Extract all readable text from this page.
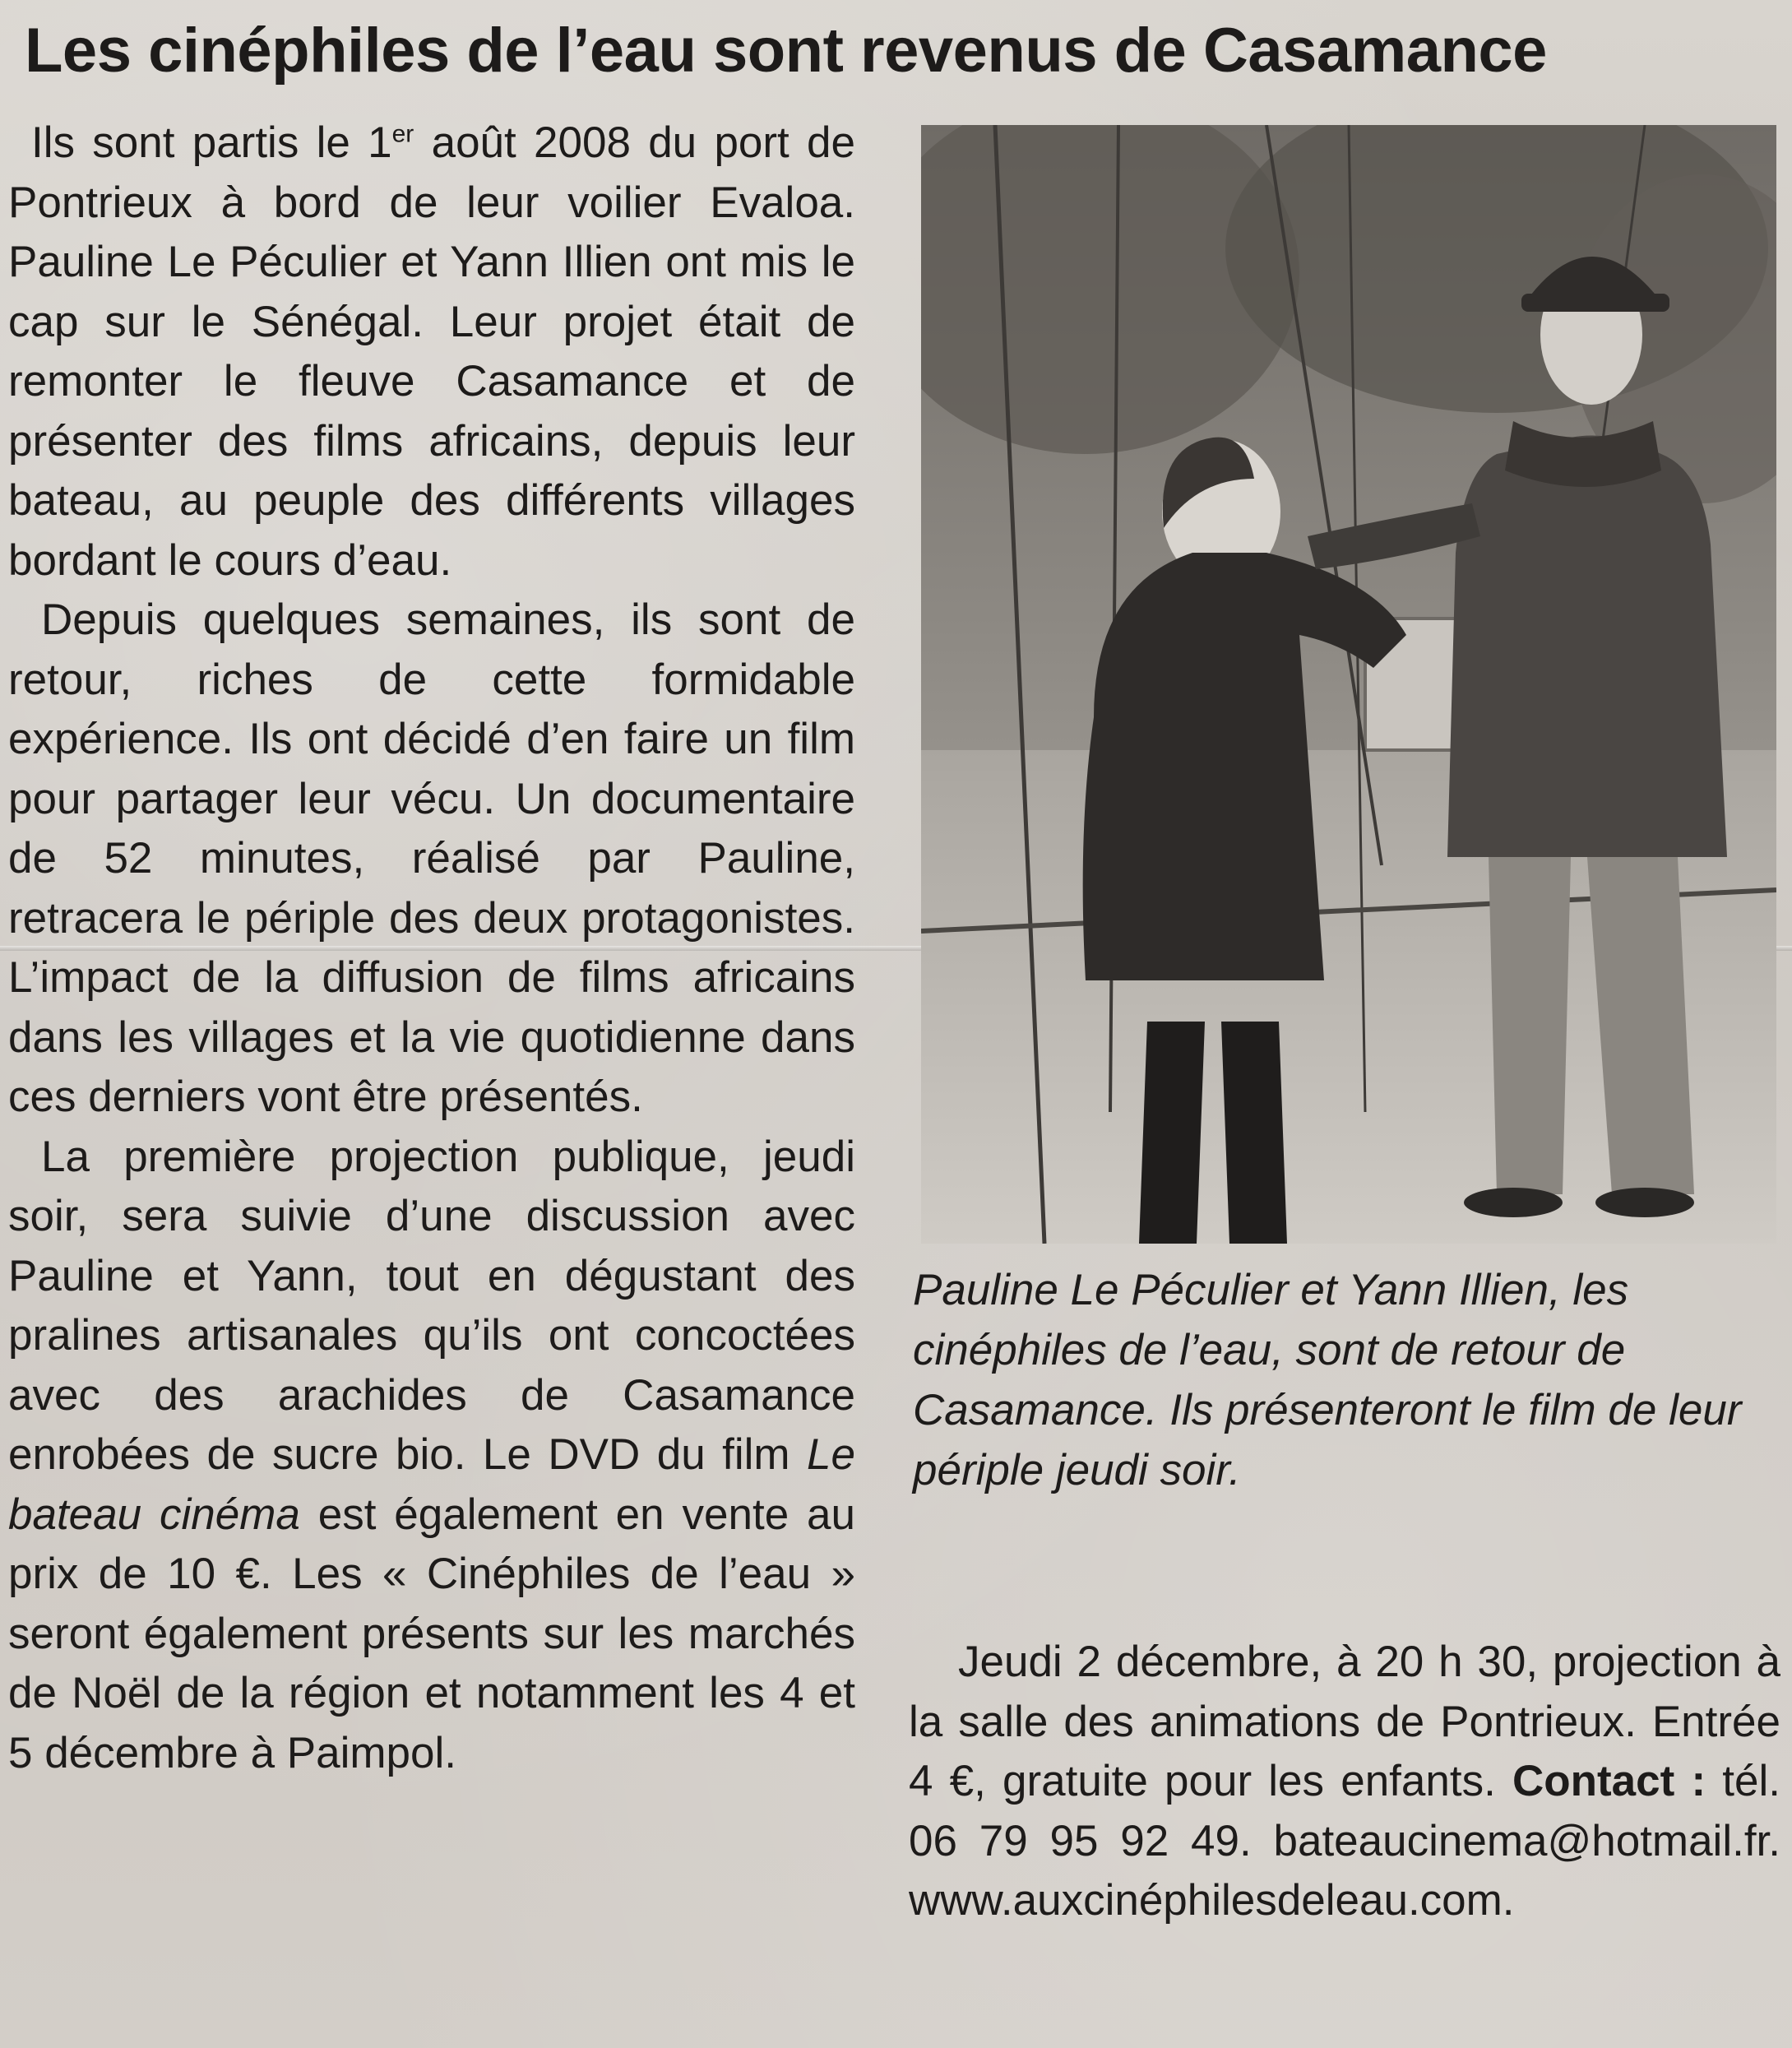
Les cinéphiles de l’eau sont revenus de Casamance

Ils sont partis le 1er août 2008 du port de Pontrieux à bord de leur voilier Evaloa. Pauline Le Péculier et Yann Illien ont mis le cap sur le Sénégal. Leur projet était de remonter le fleuve Casamance et de présenter des films africains, depuis leur bateau, au peuple des différents villages bordant le cours d’eau.

Depuis quelques semaines, ils sont de retour, riches de cette formidable expérience. Ils ont décidé d’en faire un film pour partager leur vécu. Un documentaire de 52 minutes, réalisé par Pauline, retracera le périple des deux protagonistes. L’impact de la diffusion de films africains dans les villages et la vie quotidienne dans ces derniers vont être présentés.

La première projection publique, jeudi soir, sera suivie d’une discussion avec Pauline et Yann, tout en dégustant des pralines artisanales qu’ils ont concoctées avec des arachides de Casamance enrobées de sucre bio. Le DVD du film Le bateau cinéma est également en vente au prix de 10 €. Les « Cinéphiles de l’eau » seront également présents sur les marchés de Noël de la région et notamment les 4 et 5 décembre à Paimpol.

Pauline Le Péculier et Yann Illien, les cinéphiles de l’eau, sont de retour de Casamance. Ils présenteront le film de leur périple jeudi soir.

Jeudi 2 décembre, à 20 h 30, projection à la salle des animations de Pontrieux. Entrée 4 €, gratuite pour les enfants. Contact : tél. 06 79 95 92 49. bateaucinema@hotmail.fr. www.auxcinéphilesdeleau.com.
